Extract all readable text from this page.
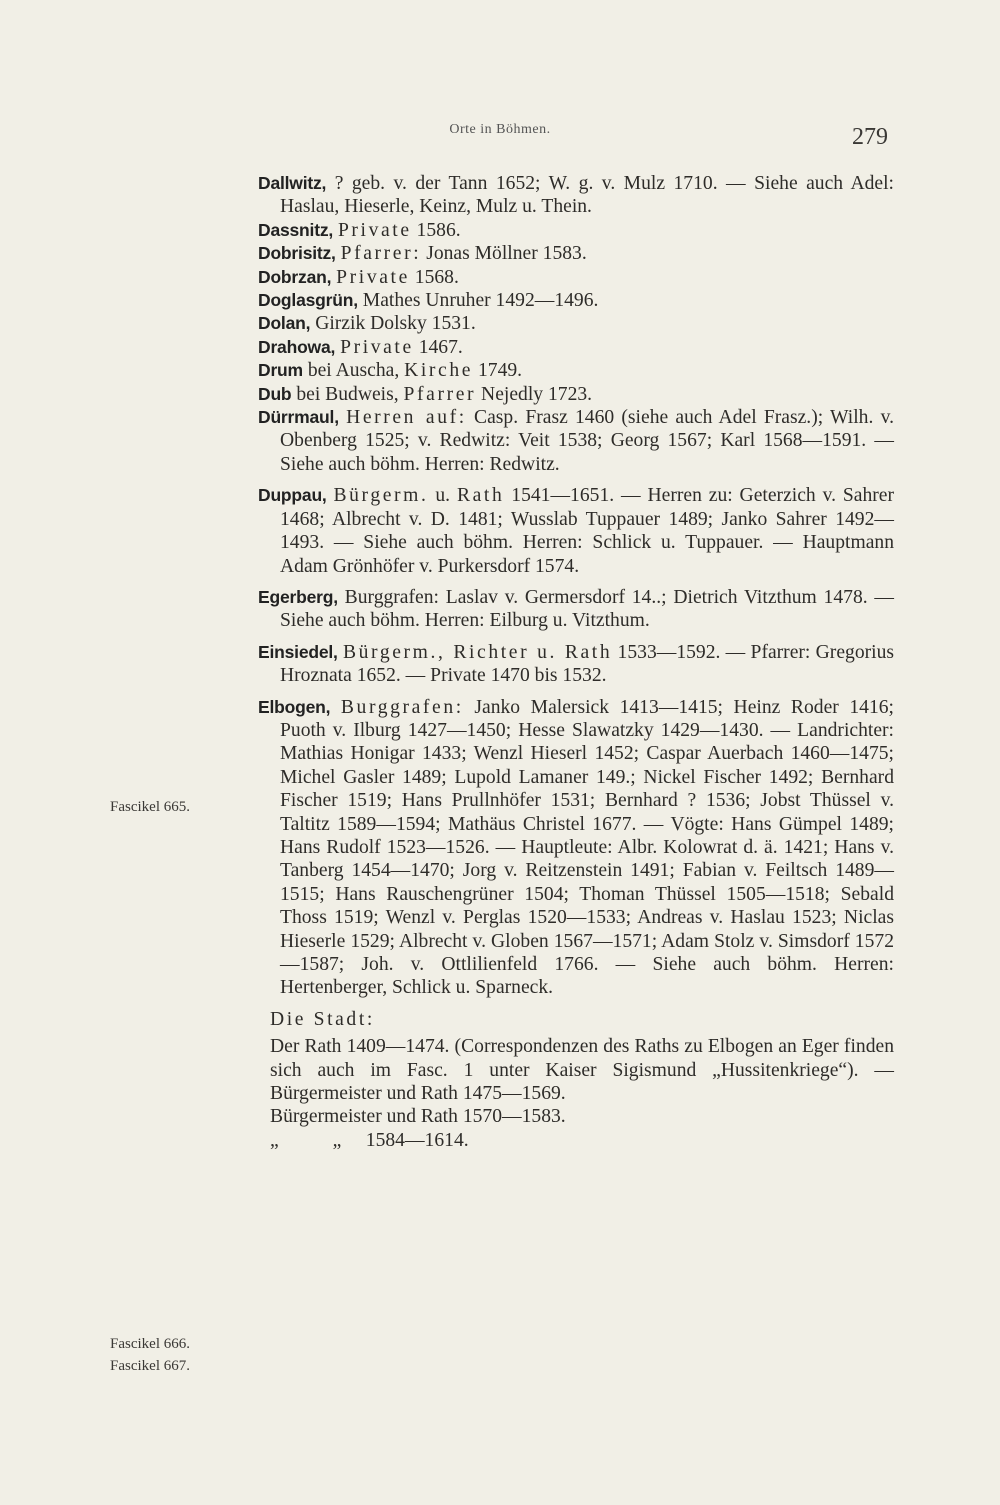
Orte in Böhmen.	279

Dallwitz, ? geb. v. der Tann 1652; W. g. v. Mulz 1710. — Siehe auch Adel: Haslau, Hieserle, Keinz, Mulz u. Thein.

Dassnitz, Private 1586.

Dobrisitz, Pfarrer: Jonas Möllner 1583.

Dobrzan, Private 1568.

Doglasgrün, Mathes Unruher 1492—1496.

Dolan, Girzik Dolsky 1531.

Drahowa, Private 1467.

Drum bei Auscha, Kirche 1749.

Dub bei Budweis, Pfarrer Nejedly 1723.

Dürrmaul, Herren auf: Casp. Frasz 1460 (siehe auch Adel Frasz.); Wilh. v. Obenberg 1525; v. Redwitz: Veit 1538; Georg 1567; Karl 1568—1591. — Siehe auch böhm. Herren: Redwitz.

Duppau, Bürgerm. u. Rath 1541—1651. — Herren zu: Geterzich v. Sahrer 1468; Albrecht v. D. 1481; Wusslab Tuppauer 1489; Janko Sahrer 1492—1493. — Siehe auch böhm. Herren: Schlick u. Tuppauer. — Hauptmann Adam Grönhöfer v. Purkersdorf 1574.

Egerberg, Burggrafen: Laslav v. Germersdorf 14..; Dietrich Vitzthum 1478. — Siehe auch böhm. Herren: Eilburg u. Vitzthum.

Einsiedel, Bürgerm., Richter u. Rath 1533—1592. — Pfarrer: Gregorius Hroznata 1652. — Private 1470 bis 1532.

Elbogen, Burggrafen: Janko Malersick 1413—1415; Heinz Roder 1416; Puoth v. Ilburg 1427—1450; Hesse Slawatzky 1429—1430. — Landrichter: Mathias Honigar 1433; Wenzl Hieserl 1452; Caspar Auerbach 1460—1475; Michel Gasler 1489; Lupold Lamaner 149.; Nickel Fischer 1492; Bernhard Fischer 1519; Hans Prullnhöfer 1531; Bernhard ? 1536; Jobst Thüssel v. Taltitz 1589—1594; Mathäus Christel 1677. — Vögte: Hans Gümpel 1489; Hans Rudolf 1523—1526. — Hauptleute: Albr. Kolowrat d. ä. 1421; Hans v. Tanberg 1454—1470; Jorg v. Reitzenstein 1491; Fabian v. Feiltsch 1489—1515; Hans Rauschengrüner 1504; Thoman Thüssel 1505—1518; Sebald Thoss 1519; Wenzl v. Perglas 1520—1533; Andreas v. Haslau 1523; Niclas Hieserle 1529; Albrecht v. Globen 1567—1571; Adam Stolz v. Simsdorf 1572—1587; Joh. v. Ottlilienfeld 1766. — Siehe auch böhm. Herren: Hertenberger, Schlick u. Sparneck.

Die Stadt:

Der Rath 1409—1474. (Correspondenzen des Raths zu Elbogen an Eger finden sich auch im Fasc. 1 unter Kaiser Sigismund „Hussitenkriege“). — Bürgermeister und Rath 1475—1569.

Bürgermeister und Rath 1570—1583.
„           „     1584—1614.
Fascikel 665.
Fascikel 666.
Fascikel 667.
